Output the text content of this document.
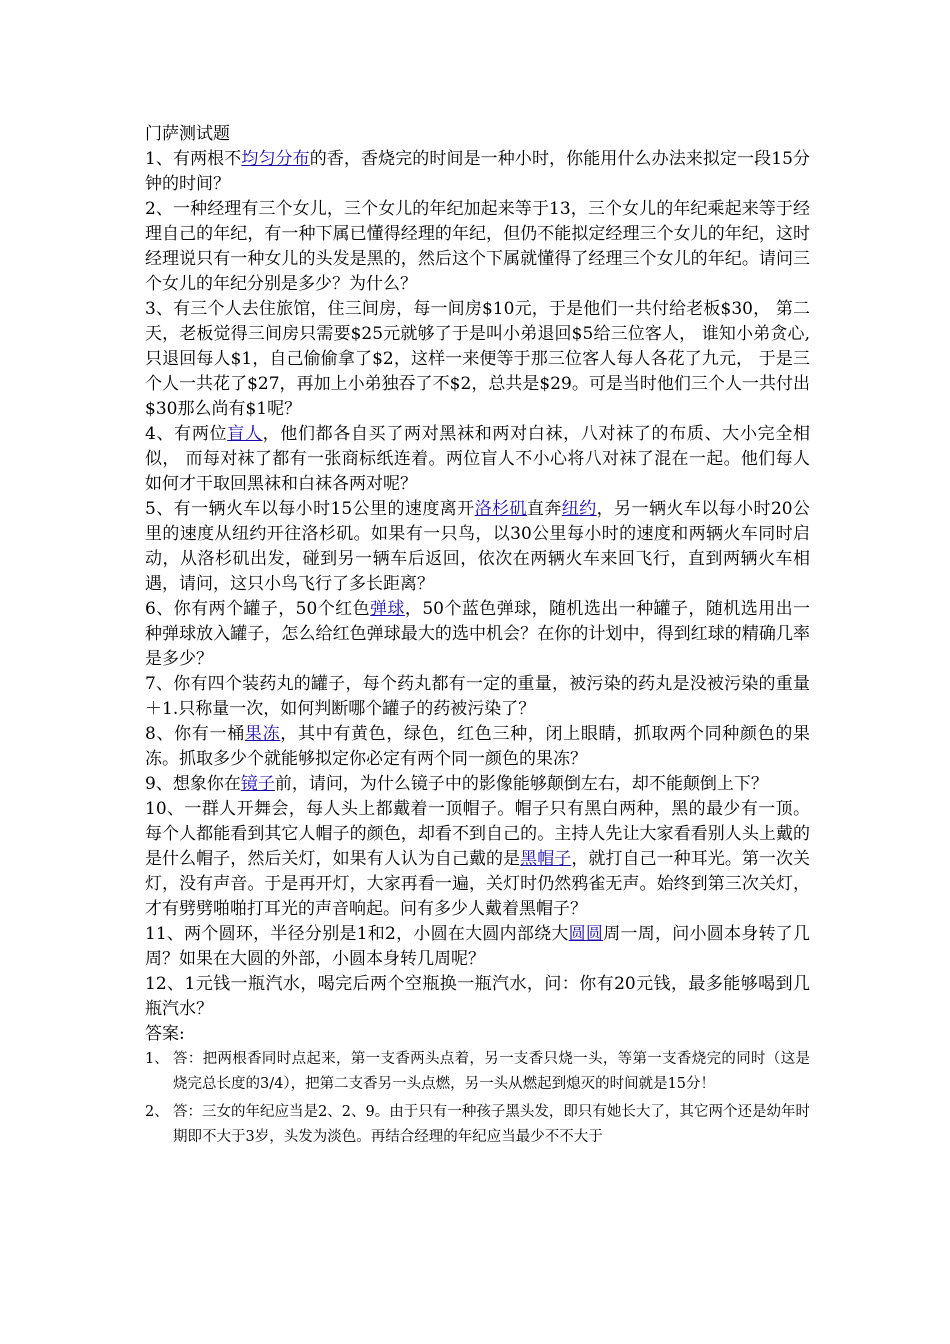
门萨测试题

1、有两根不均匀分布的香，香烧完的时间是一种小时，你能用什么办法来拟定一段15分钟的时间？

2、一种经理有三个女儿，三个女儿的年纪加起来等于13，三个女儿的年纪乘起来等于经理自己的年纪，有一种下属已懂得经理的年纪，但仍不能拟定经理三个女儿的年纪，这时经理说只有一种女儿的头发是黑的，然后这个下属就懂得了经理三个女儿的年纪。请问三个女儿的年纪分别是多少？为什么？

3、有三个人去住旅馆，住三间房，每一间房$10元，于是他们一共付给老板$30， 第二天，老板觉得三间房只需要$25元就够了于是叫小弟退回$5给三位客人， 谁知小弟贪心,只退回每人$1，自己偷偷拿了$2，这样一来便等于那三位客人每人各花了九元， 于是三个人一共花了$27，再加上小弟独吞了不$2，总共是$29。可是当时他们三个人一共付出$30那么尚有$1呢？

4、有两位盲人，他们都各自买了两对黑袜和两对白袜，八对袜了的布质、大小完全相似， 而每对袜了都有一张商标纸连着。两位盲人不小心将八对袜了混在一起。他们每人如何才干取回黑袜和白袜各两对呢？

5、有一辆火车以每小时15公里的速度离开洛杉矶直奔纽约，另一辆火车以每小时20公里的速度从纽约开往洛杉矶。如果有一只鸟，以30公里每小时的速度和两辆火车同时启动，从洛杉矶出发，碰到另一辆车后返回，依次在两辆火车来回飞行，直到两辆火车相遇，请问，这只小鸟飞行了多长距离？

6、你有两个罐子，50个红色弹球，50个蓝色弹球，随机选出一种罐子，随机选用出一种弹球放入罐子，怎么给红色弹球最大的选中机会？在你的计划中，得到红球的精确几率是多少？

7、你有四个装药丸的罐子，每个药丸都有一定的重量，被污染的药丸是没被污染的重量＋1.只称量一次，如何判断哪个罐子的药被污染了？

8、你有一桶果冻，其中有黄色，绿色，红色三种，闭上眼睛，抓取两个同种颜色的果冻。抓取多少个就能够拟定你必定有两个同一颜色的果冻？

9、想象你在镜子前，请问，为什么镜子中的影像能够颠倒左右，却不能颠倒上下？

10、一群人开舞会，每人头上都戴着一顶帽子。帽子只有黑白两种，黑的最少有一顶。每个人都能看到其它人帽子的颜色，却看不到自己的。主持人先让大家看看别人头上戴的是什么帽子，然后关灯，如果有人认为自己戴的是黑帽子，就打自己一种耳光。第一次关灯，没有声音。于是再开灯，大家再看一遍，关灯时仍然鸦雀无声。始终到第三次关灯，才有劈劈啪啪打耳光的声音响起。问有多少人戴着黑帽子？

11、两个圆环，半径分别是1和2，小圆在大圆内部绕大圆圆周一周，问小圆本身转了几周？如果在大圆的外部，小圆本身转几周呢？

12、1元钱一瓶汽水，喝完后两个空瓶换一瓶汽水，问：你有20元钱，最多能够喝到几瓶汽水？

答案:

1、 答：把两根香同时点起来，第一支香两头点着，另一支香只烧一头，等第一支香烧完的同时（这是烧完总长度的3/4），把第二支香另一头点燃，另一头从燃起到熄灭的时间就是15分！
2、 答：三女的年纪应当是2、2、9。由于只有一种孩子黑头发，即只有她长大了，其它两个还是幼年时期即不大于3岁，头发为淡色。再结合经理的年纪应当最少不不大于
